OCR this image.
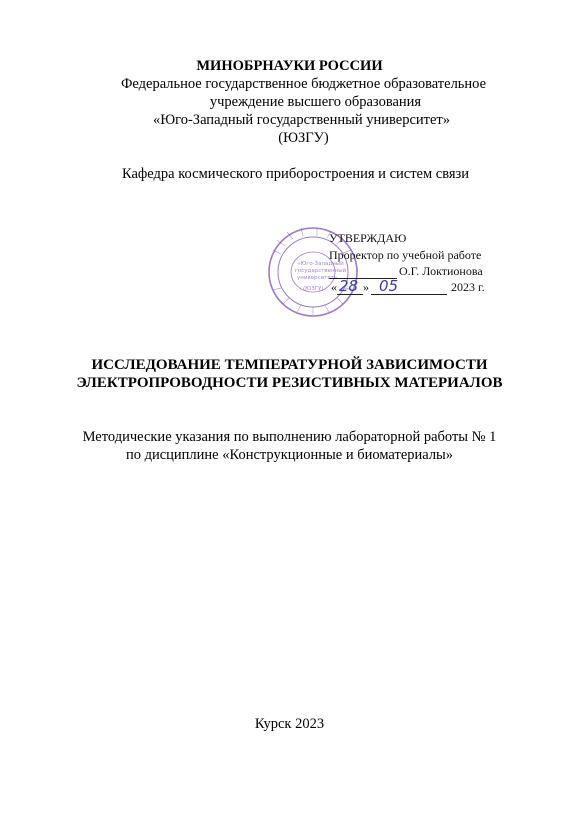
МИНОБРНАУКИ РОССИИ
Федеральное государственное бюджетное образовательное
учреждение высшего образования
«Юго-Западный государственный университет»
(ЮЗГУ)
Кафедра космического приборостроения и систем связи
«Юго-Западный
государственный
университет»
(ЮЗГУ)
УТВЕРЖДАЮ
Проректор по учебной работе
О.Г. Локтионова
« 28 » 05	2023 г.
ИССЛЕДОВАНИЕ ТЕМПЕРАТУРНОЙ ЗАВИСИМОСТИ
ЭЛЕКТРОПРОВОДНОСТИ РЕЗИСТИВНЫХ МАТЕРИАЛОВ
Методические указания по выполнению лабораторной работы № 1
по дисциплине «Конструкционные и биоматериалы»
Курск 2023
